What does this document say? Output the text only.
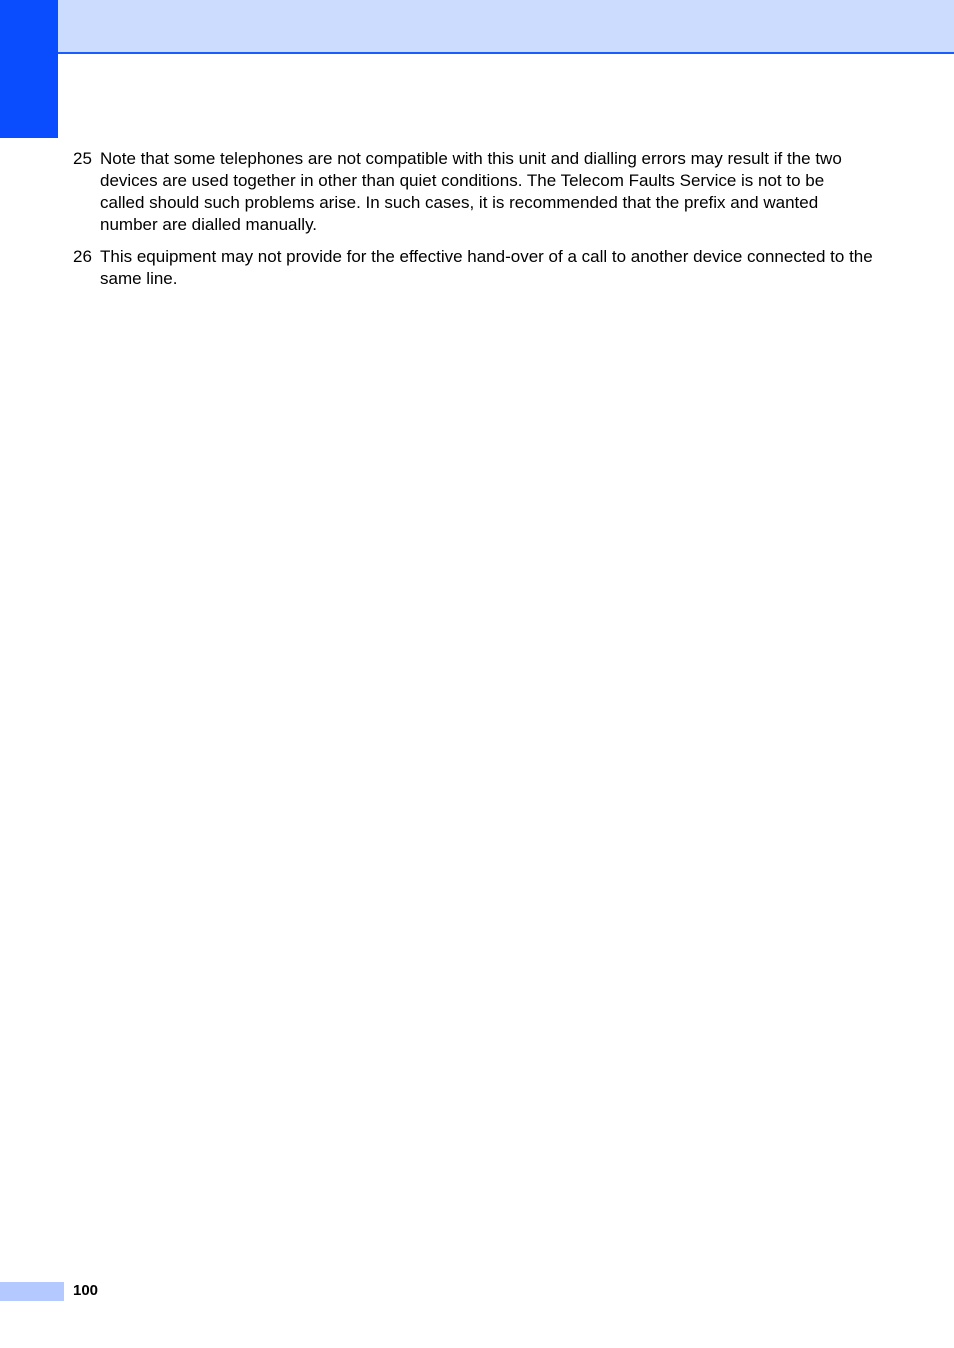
25 Note that some telephones are not compatible with this unit and dialling errors may result if the two devices are used together in other than quiet conditions. The Telecom Faults Service is not to be called should such problems arise. In such cases, it is recommended that the prefix and wanted number are dialled manually.
26 This equipment may not provide for the effective hand-over of a call to another device connected to the same line.
100
